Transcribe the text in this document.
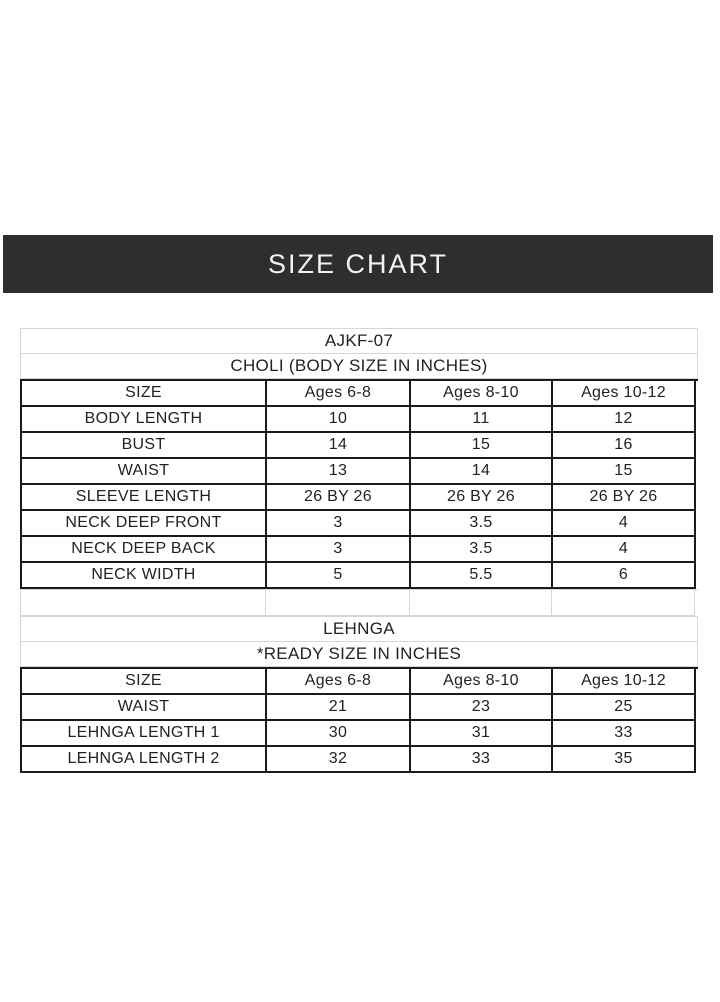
SIZE CHART
AJKF-07
CHOLI (BODY SIZE IN INCHES)
SIZE	Ages 6-8	Ages 8-10	Ages 10-12
BODY LENGTH	10	11	12
BUST	14	15	16
WAIST	13	14	15
SLEEVE LENGTH	26 BY 26	26 BY 26	26 BY 26
NECK DEEP FRONT	3	3.5	4
NECK DEEP BACK	3	3.5	4
NECK WIDTH	5	5.5	6
LEHNGA
*READY SIZE IN INCHES
SIZE	Ages 6-8	Ages 8-10	Ages 10-12
WAIST	21	23	25
LEHNGA LENGTH 1	30	31	33
LEHNGA LENGTH 2	32	33	35
